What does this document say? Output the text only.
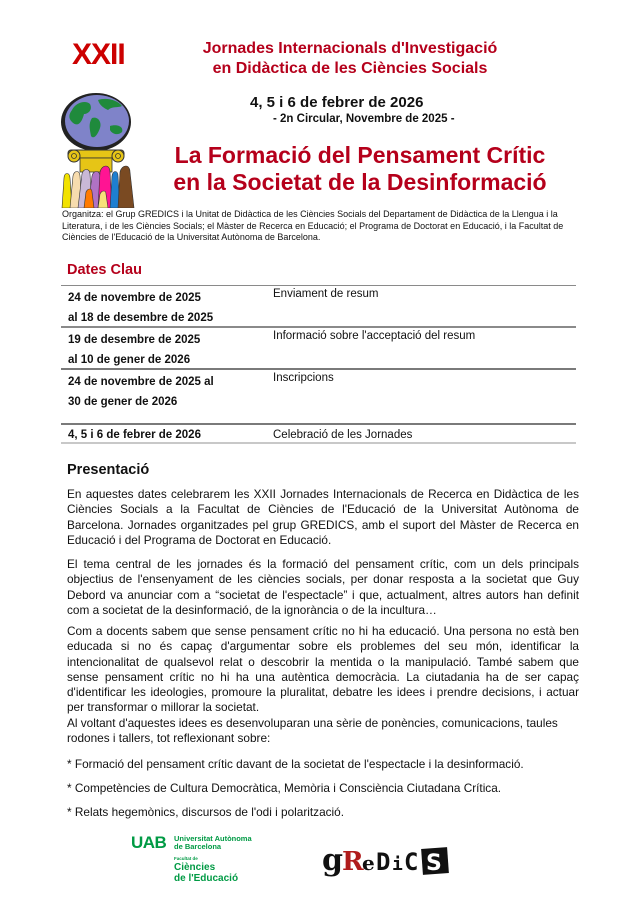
XXII	Jornades Internacionals d'Investigació
en Didàctica de les Ciències Socials
4, 5 i 6 de febrer de 2026
- 2n Circular, Novembre de 2025 -
La Formació del Pensament Crític
en la Societat de la Desinformació
Organitza: el Grup GREDICS i la Unitat de Didàctica de les Ciències Socials del Departament de Didàctica de la Llengua i la Literatura, i de les Ciències Socials; el Màster de Recerca en Educació; el Programa de Doctorat en Educació, i la Facultat de Ciències de l'Educació de la Universitat Autònoma de Barcelona.
Dates Clau
24 de novembre de 2025
al 18 de desembre de 2025
Enviament de resum
19 de desembre de 2025
al 10 de gener de 2026
Informació sobre l'acceptació del resum
24 de novembre de 2025 al
30 de gener de 2026
Inscripcions
4, 5 i 6 de febrer de 2026	Celebració de les Jornades
Presentació

En aquestes dates celebrarem les XXII Jornades Internacionals de Recerca en Didàctica de les Ciències Socials a la Facultat de Ciències de l'Educació de la Universitat Autònoma de Barcelona. Jornades organitzades pel grup GREDICS, amb el suport del Màster de Recerca en Educació i del Programa de Doctorat en Educació.

El tema central de les jornades és la formació del pensament crític, com un dels principals objectius de l'ensenyament de les ciències socials, per donar resposta a la societat que Guy Debord va anunciar com a “societat de l'espectacle” i que, actualment, altres autors han definit com a societat de la desinformació, de la ignorància o de la incultura…

Com a docents sabem que sense pensament crític no hi ha educació. Una persona no està ben educada si no és capaç d'argumentar sobre els problemes del seu món, identificar la intencionalitat de qualsevol relat o descobrir la mentida o la manipulació. També sabem que sense pensament crític no hi ha una autèntica democràcia. La ciutadania ha de ser capaç d'identificar les ideologies, promoure la pluralitat, debatre les idees i prendre decisions, i actuar per transformar o millorar la societat.

Al voltant d'aquestes idees es desenvoluparan una sèrie de ponències, comunicacions, taules rodones i tallers, tot reflexionant sobre:

* Formació del pensament crític davant de la societat de l'espectacle i la desinformació.
* Competències de Cultura Democràtica, Memòria i Consciència Ciutadana Crítica.
* Relats hegemònics, discursos de l'odi i polarització.
UAB Universitat Autònoma
de Barcelona
Facultat de
Ciències
de l'Educació
g R
e D i C S
